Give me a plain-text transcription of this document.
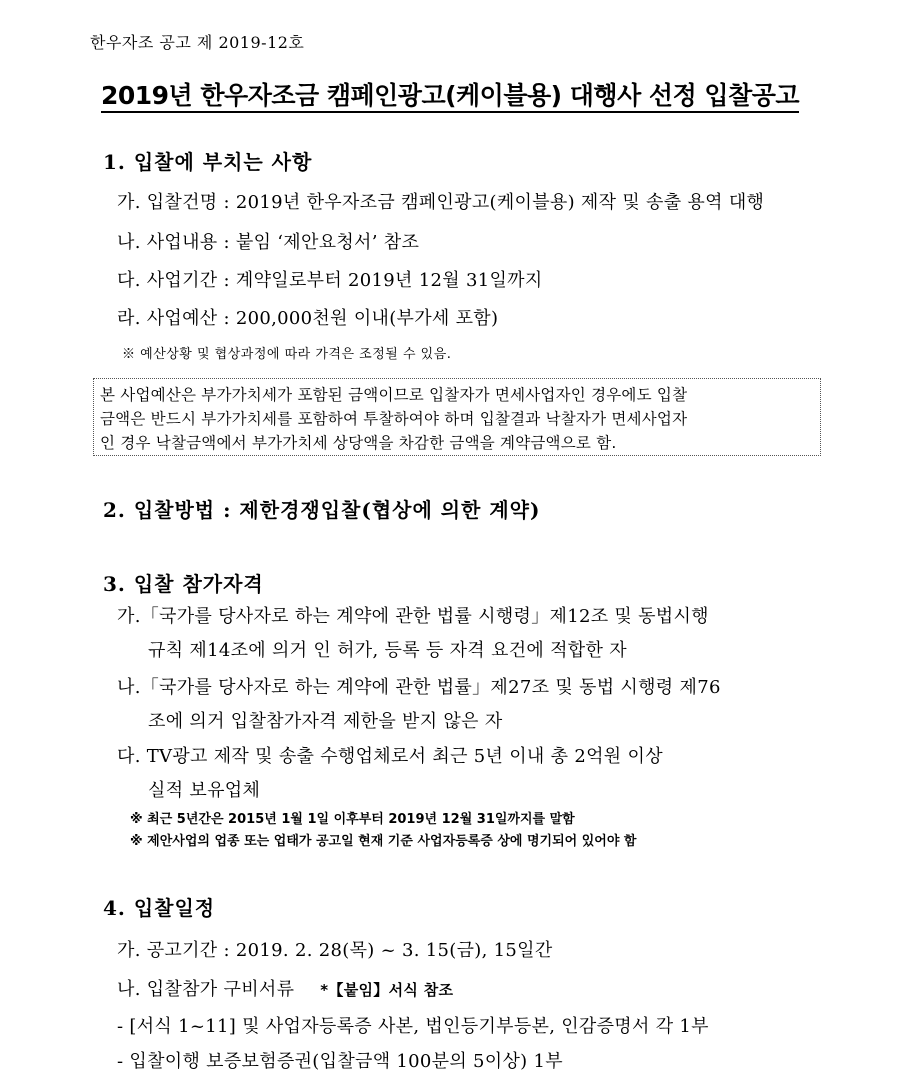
한우자조 공고 제 2019-12호
2019년 한우자조금 캠페인광고(케이블용) 대행사 선정 입찰공고
1. 입찰에 부치는 사항
가. 입찰건명 : 2019년 한우자조금 캠페인광고(케이블용) 제작 및 송출 용역 대행
나. 사업내용 : 붙임 ‘제안요청서’ 참조
다. 사업기간 : 계약일로부터 2019년 12월 31일까지
라. 사업예산 : 200,000천원 이내(부가세 포함)
※ 예산상황 및 협상과정에 따라 가격은 조정될 수 있음.

본 사업예산은 부가가치세가 포함된 금액이므로 입찰자가 면세사업자인 경우에도 입찰

금액은 반드시 부가가치세를 포함하여 투찰하여야 하며 입찰결과 낙찰자가 면세사업자

인 경우 낙찰금액에서 부가가치세 상당액을 차감한 금액을 계약금액으로 함.

2. 입찰방법 : 제한경쟁입찰(협상에 의한 계약)
3. 입찰 참가자격
가.「국가를 당사자로 하는 계약에 관한 법률 시행령」제12조 및 동법시행
규칙 제14조에 의거 인 허가, 등록 등 자격 요건에 적합한 자
나.「국가를 당사자로 하는 계약에 관한 법률」제27조 및 동법 시행령 제76
조에 의거 입찰참가자격 제한을 받지 않은 자
다. TV광고 제작 및 송출 수행업체로서 최근 5년 이내 총 2억원 이상
실적 보유업체
※ 최근 5년간은 2015년 1월 1일 이후부터 2019년 12월 31일까지를 말함
※ 제안사업의 업종 또는 업태가 공고일 현재 기준 사업자등록증 상에 명기되어 있어야 함
4. 입찰일정
가. 공고기간 : 2019. 2. 28(목) ~ 3. 15(금), 15일간
나. 입찰참가 구비서류 *【붙임】서식 참조
- [서식 1~11] 및 사업자등록증 사본, 법인등기부등본, 인감증명서 각 1부
- 입찰이행 보증보험증권(입찰금액 100분의 5이상) 1부
